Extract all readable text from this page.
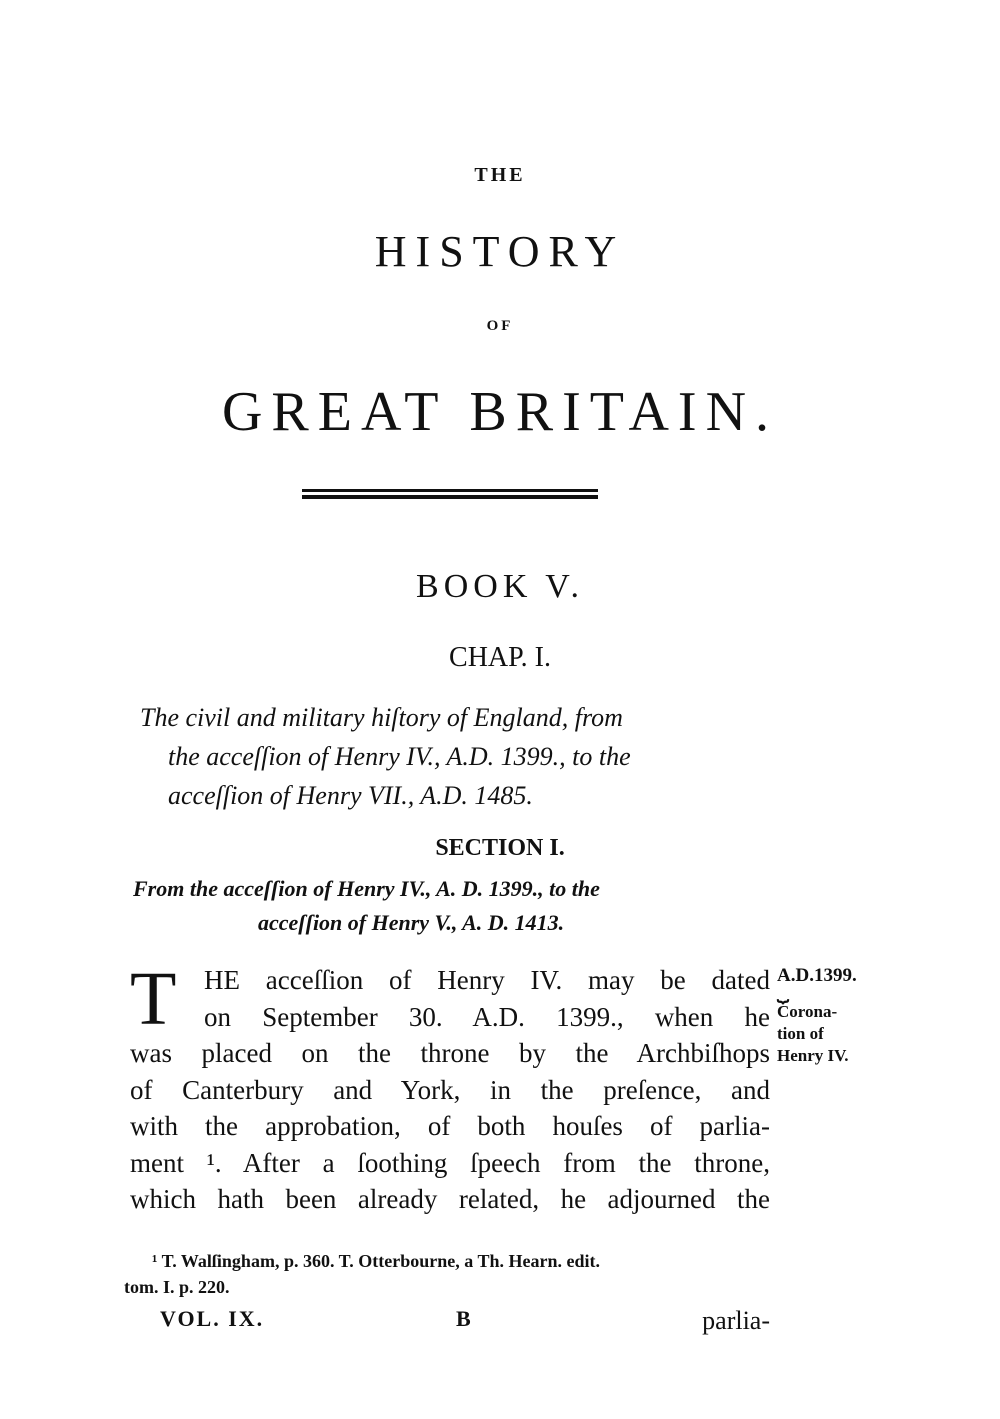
THE
HISTORY
OF
GREAT BRITAIN.
BOOK V.
CHAP. I.
The civil and military hiſtory of England, from
the acceſſion of Henry IV., A.D. 1399., to the
acceſſion of Henry VII., A.D. 1485.
SECTION I.
From the acceſſion of Henry IV., A. D. 1399., to the
acceſſion of Henry V., A. D. 1413.
T	HE acceſſion of Henry IV. may be dated
on September 30. A.D. 1399., when he
was placed on the throne by the Archbiſhops
of Canterbury and York, in the preſence, and
with the approbation, of both houſes of parlia-
ment ¹. After a ſoothing ſpeech from the throne,
which hath been already related, he adjourned the
A.D.1399.
⏟
Corona-
tion of
Henry IV.
¹ T. Walſingham, p. 360. T. Otterbourne, a Th. Hearn. edit.
tom. I. p. 220.
VOL. IX.	B	parlia-
